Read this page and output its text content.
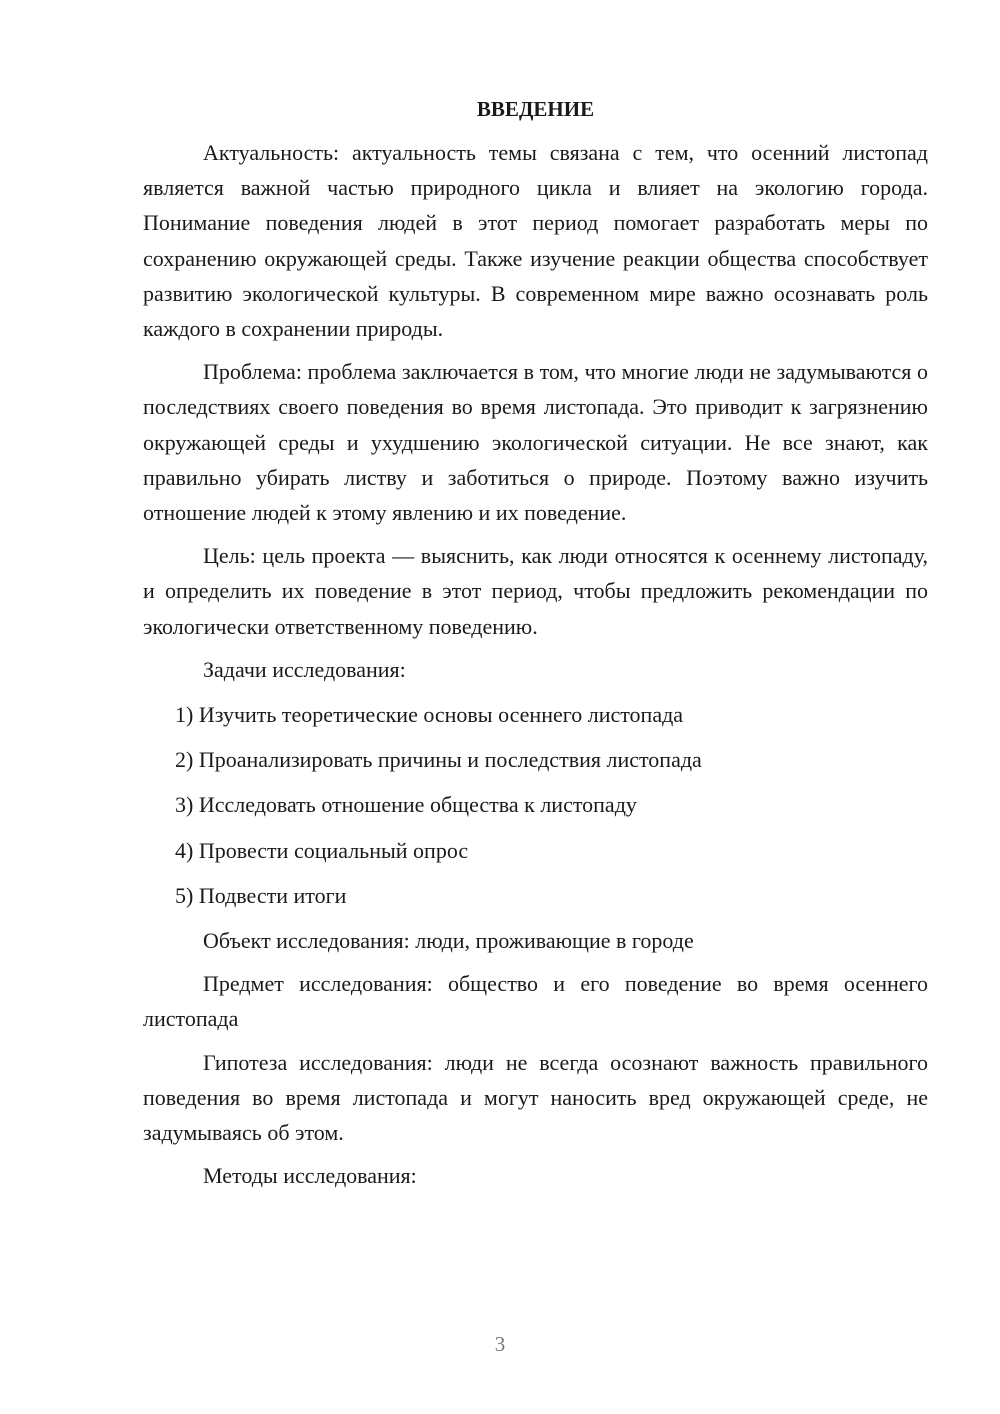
ВВЕДЕНИЕ

Актуальность: актуальность темы связана с тем, что осенний листопад является важной частью природного цикла и влияет на экологию города. Понимание поведения людей в этот период помогает разработать меры по сохранению окружающей среды. Также изучение реакции общества способствует развитию экологической культуры. В современном мире важно осознавать роль каждого в сохранении природы.

Проблема: проблема заключается в том, что многие люди не задумываются о последствиях своего поведения во время листопада. Это приводит к загрязнению окружающей среды и ухудшению экологической ситуации. Не все знают, как правильно убирать листву и заботиться о природе. Поэтому важно изучить отношение людей к этому явлению и их поведение.

Цель: цель проекта — выяснить, как люди относятся к осеннему листопаду, и определить их поведение в этот период, чтобы предложить рекомендации по экологически ответственному поведению.

Задачи исследования:

1) Изучить теоретические основы осеннего листопада
2) Проанализировать причины и последствия листопада
3) Исследовать отношение общества к листопаду
4) Провести социальный опрос
5) Подвести итоги

Объект исследования: люди, проживающие в городе

Предмет исследования: общество и его поведение во время осеннего листопада

Гипотеза исследования: люди не всегда осознают важность правильного поведения во время листопада и могут наносить вред окружающей среде, не задумываясь об этом.

Методы исследования:

3
